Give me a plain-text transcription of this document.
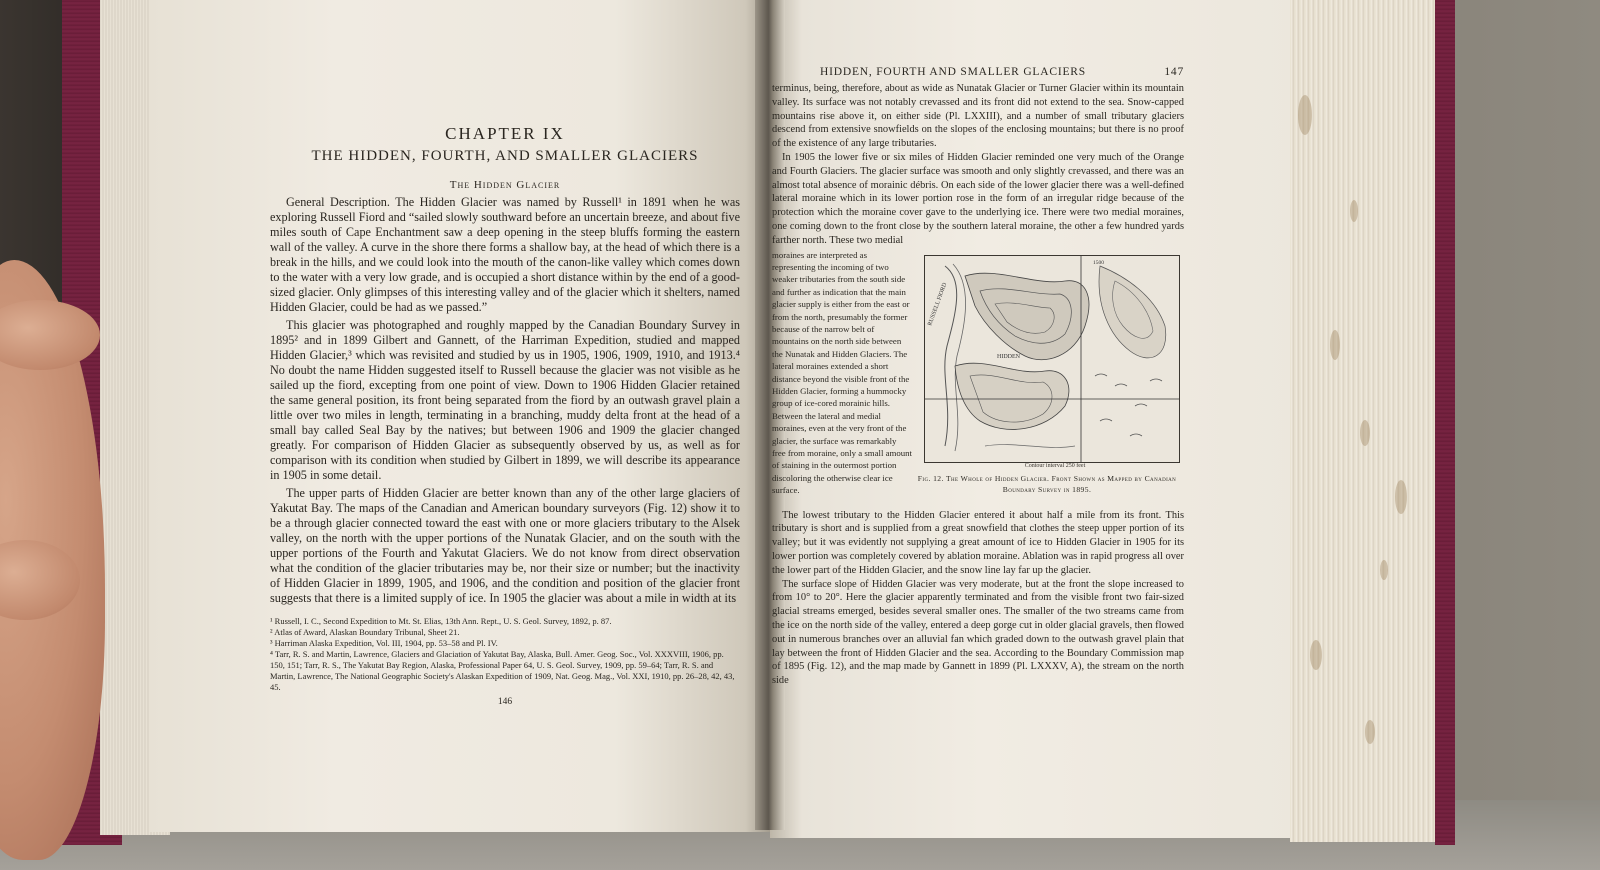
CHAPTER IX
THE HIDDEN, FOURTH, AND SMALLER GLACIERS
The Hidden Glacier

General Description. The Hidden Glacier was named by Russell¹ in 1891 when he was exploring Russell Fiord and “sailed slowly southward before an uncertain breeze, and about five miles south of Cape Enchantment saw a deep opening in the steep bluffs forming the eastern wall of the valley. A curve in the shore there forms a shallow bay, at the head of which there is a break in the hills, and we could look into the mouth of the canon-like valley which comes down to the water with a very low grade, and is occupied a short distance within by the end of a good-sized glacier. Only glimpses of this interesting valley and of the glacier which it shelters, named Hidden Glacier, could be had as we passed.”

This glacier was photographed and roughly mapped by the Canadian Boundary Survey in 1895² and in 1899 Gilbert and Gannett, of the Harriman Expedition, studied and mapped Hidden Glacier,³ which was revisited and studied by us in 1905, 1906, 1909, 1910, and 1913.⁴ No doubt the name Hidden suggested itself to Russell because the glacier was not visible as he sailed up the fiord, excepting from one point of view. Down to 1906 Hidden Glacier retained the same general position, its front being separated from the fiord by an outwash gravel plain a little over two miles in length, terminating in a branching, muddy delta front at the head of a small bay called Seal Bay by the natives; but between 1906 and 1909 the glacier changed greatly. For comparison of Hidden Glacier as subsequently observed by us, as well as for comparison with its condition when studied by Gilbert in 1899, we will describe its appearance in 1905 in some detail.

The upper parts of Hidden Glacier are better known than any of the other large glaciers of Yakutat Bay. The maps of the Canadian and American boundary surveyors (Fig. 12) show it to be a through glacier connected toward the east with one or more glaciers tributary to the Alsek valley, on the north with the upper portions of the Nunatak Glacier, and on the south with the upper portions of the Fourth and Yakutat Glaciers. We do not know from direct observation what the condition of the glacier tributaries may be, nor their size or number; but the inactivity of Hidden Glacier in 1899, 1905, and 1906, and the condition and position of the glacier front suggests that there is a limited supply of ice. In 1905 the glacier was about a mile in width at its

¹ Russell, I. C., Second Expedition to Mt. St. Elias, 13th Ann. Rept., U. S. Geol. Survey, 1892, p. 87.

² Atlas of Award, Alaskan Boundary Tribunal, Sheet 21.

³ Harriman Alaska Expedition, Vol. III, 1904, pp. 53–58 and Pl. IV.

⁴ Tarr, R. S. and Martin, Lawrence, Glaciers and Glaciation of Yakutat Bay, Alaska, Bull. Amer. Geog. Soc., Vol. XXXVIII, 1906, pp. 150, 151; Tarr, R. S., The Yakutat Bay Region, Alaska, Professional Paper 64, U. S. Geol. Survey, 1909, pp. 59–64; Tarr, R. S. and Martin, Lawrence, The National Geographic Society's Alaskan Expedition of 1909, Nat. Geog. Mag., Vol. XXI, 1910, pp. 26–28, 42, 43, 45.

146
HIDDEN, FOURTH AND SMALLER GLACIERS	147

terminus, being, therefore, about as wide as Nunatak Glacier or Turner Glacier within its mountain valley. Its surface was not notably crevassed and its front did not extend to the sea. Snow-capped mountains rise above it, on either side (Pl. LXXIII), and a number of small tributary glaciers descend from extensive snowfields on the slopes of the enclosing mountains; but there is no proof of the existence of any large tributaries.

In 1905 the lower five or six miles of Hidden Glacier reminded one very much of the Orange and Fourth Glaciers. The glacier surface was smooth and only slightly crevassed, and there was an almost total absence of morainic débris. On each side of the lower glacier there was a well-defined lateral moraine which in its lower portion rose in the form of an irregular ridge because of the protection which the moraine cover gave to the underlying ice. There were two medial moraines, one coming down to the front close by the southern lateral moraine, the other a few hundred yards farther north. These two medial

moraines are interpreted as representing the incoming of two weaker tributaries from the south side and further as indication that the main glacier supply is either from the east or from the north, presumably the former because of the narrow belt of mountains on the north side between the Nunatak and Hidden Glaciers. The lateral moraines extended a short distance beyond the visible front of the Hidden Glacier, forming a hummocky group of ice-cored morainic hills. Between the lateral and medial moraines, even at the very front of the glacier, the surface was remarkably free from moraine, only a small amount of staining in the outermost portion discoloring the otherwise clear ice surface.

RUSSELL FIORD
HIDDEN
1500
Contour interval 250 feet
Fig. 12. The Whole of Hidden Glacier. Front Shown as Mapped by Canadian Boundary Survey in 1895.

The lowest tributary to the Hidden Glacier entered it about half a mile from its front. This tributary is short and is supplied from a great snowfield that clothes the steep upper portion of its valley; but it was evidently not supplying a great amount of ice to Hidden Glacier in 1905 for its lower portion was completely covered by ablation moraine. Ablation was in rapid progress all over the lower part of the Hidden Glacier, and the snow line lay far up the glacier.

The surface slope of Hidden Glacier was very moderate, but at the front the slope increased to from 10° to 20°. Here the glacier apparently terminated and from the visible front two fair-sized glacial streams emerged, besides several smaller ones. The smaller of the two streams came from the ice on the north side of the valley, entered a deep gorge cut in older glacial gravels, then flowed out in numerous branches over an alluvial fan which graded down to the outwash gravel plain that lay between the front of Hidden Glacier and the sea. According to the Boundary Commission map of 1895 (Fig. 12), and the map made by Gannett in 1899 (Pl. LXXXV, A), the stream on the north side
